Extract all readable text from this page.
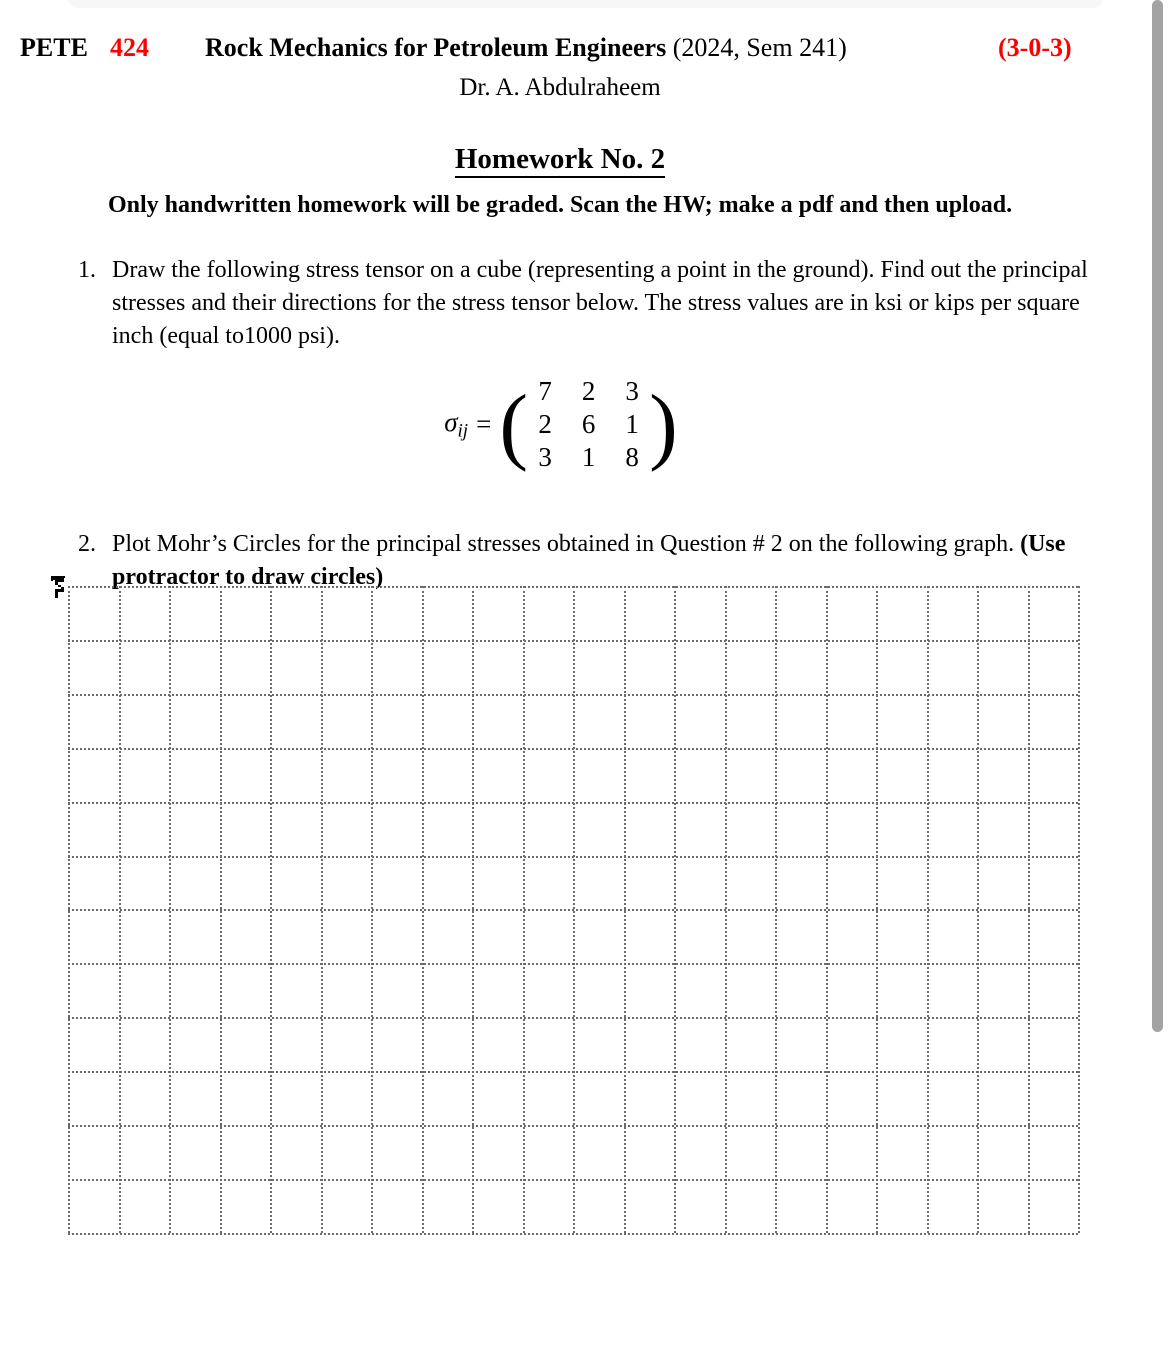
PETE 424 Rock Mechanics for Petroleum Engineers (2024, Sem 241)	(3-0-3)
Dr. A. Abdulraheem
Homework No. 2
Only handwritten homework will be graded. Scan the HW; make a pdf and then upload.
1. Draw the following stress tensor on a cube (representing a point in the ground). Find out the principal stresses and their directions for the stress tensor below. The stress values are in ksi or kips per square inch (equal to1000 psi).
$\sigma_{ij}$ = ( 7	2	3
2	6	1
3	1	8 )
2. Plot Mohr’s Circles for the principal stresses obtained in Question # 2 on the following graph. (Use protractor to draw circles)
